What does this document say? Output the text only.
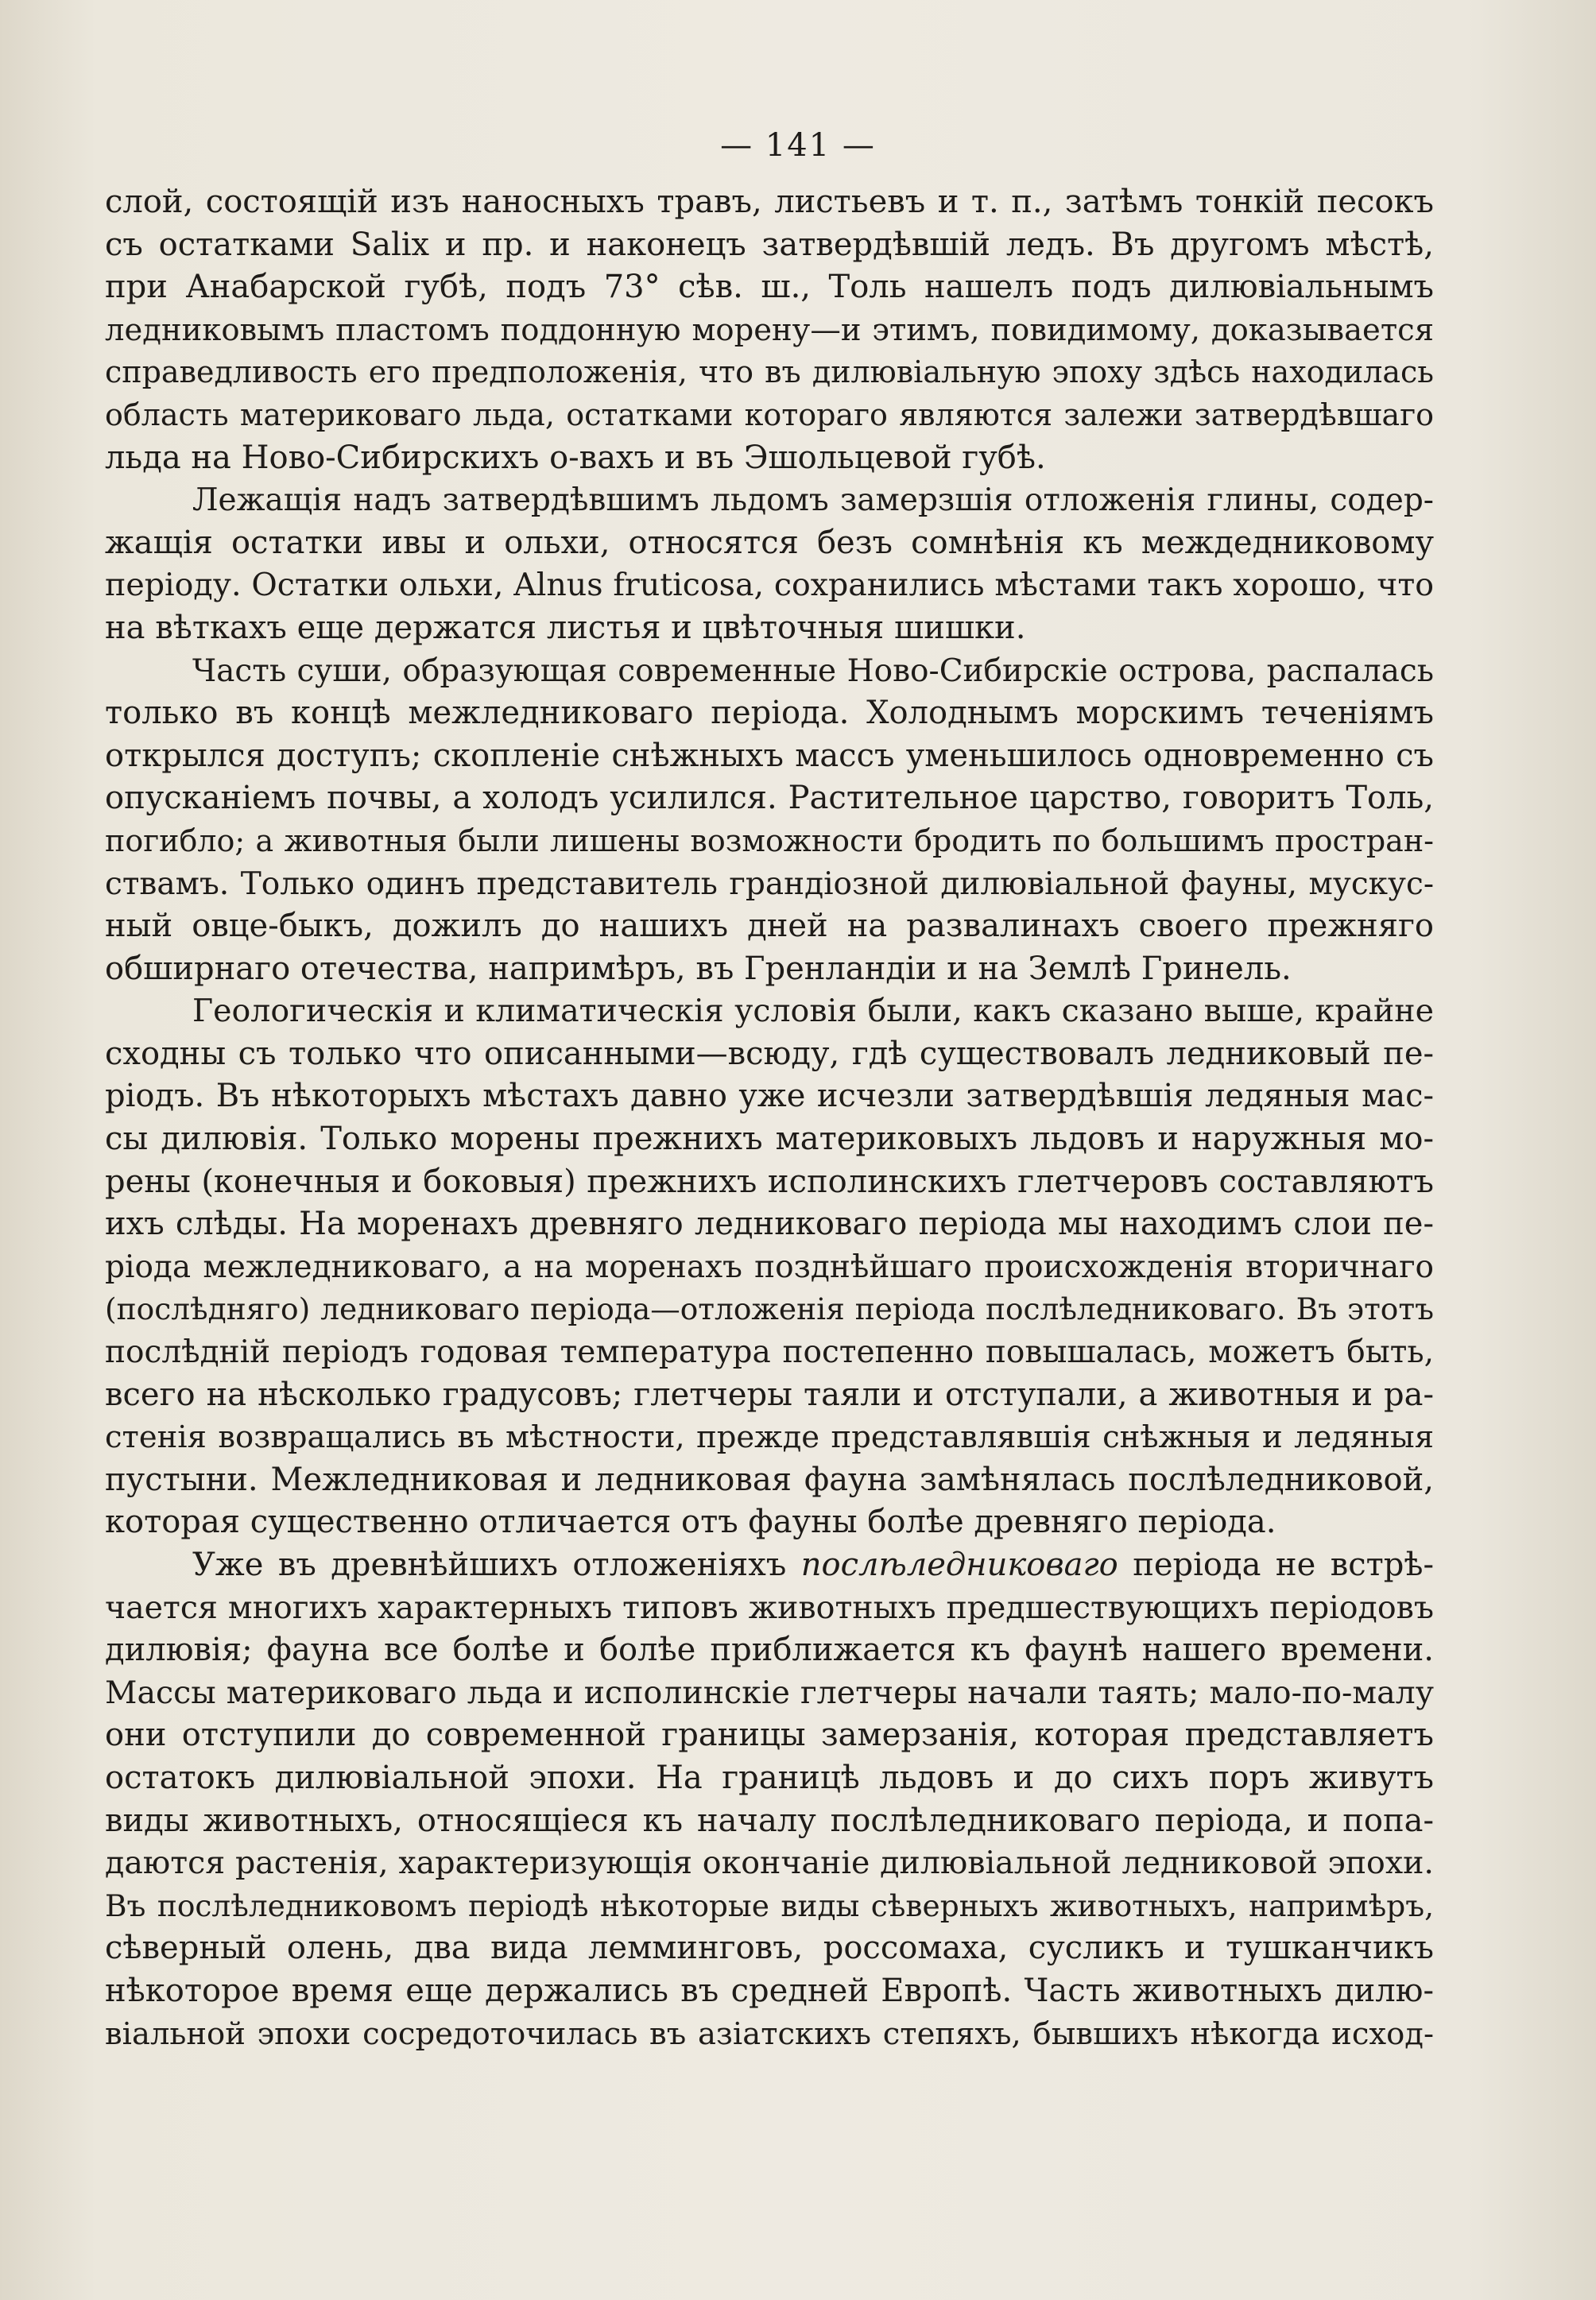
— 141 —
слой, состоящій изъ наносныхъ травъ, листьевъ и т. п., затѣмъ тонкій песокъ
съ остатками Salix и пр. и наконецъ затвердѣвшій ледъ. Въ другомъ мѣстѣ,
при Анабарской губѣ, подъ 73° сѣв. ш., Толь нашелъ подъ дилювіальнымъ
ледниковымъ пластомъ поддонную морену—и этимъ, повидимому, доказывается
справедливость его предположенія, что въ дилювіальную эпоху здѣсь находилась
область материковаго льда, остатками котораго являются залежи затвердѣвшаго
льда на Ново-Сибирскихъ о-вахъ и въ Эшольцевой губѣ.
Лежащія надъ затвердѣвшимъ льдомъ замерзшія отложенія глины, содер-
жащія остатки ивы и ольхи, относятся безъ сомнѣнія къ междедниковому
періоду. Остатки ольхи, Alnus fruticosa, сохранились мѣстами такъ хорошо, что
на вѣткахъ еще держатся листья и цвѣточныя шишки.
Часть суши, образующая современные Ново-Сибирскіе острова, распалась
только въ концѣ межледниковаго періода. Холоднымъ морскимъ теченіямъ
открылся доступъ; скопленіе снѣжныхъ массъ уменьшилось одновременно съ
опусканіемъ почвы, а холодъ усилился. Растительное царство, говоритъ Толь,
погибло; а животныя были лишены возможности бродить по большимъ простран-
ствамъ. Только одинъ представитель грандіозной дилювіальной фауны, мускус-
ный овце-быкъ, дожилъ до нашихъ дней на развалинахъ своего прежняго
обширнаго отечества, напримѣръ, въ Гренландіи и на Землѣ Гринель.
Геологическія и климатическія условія были, какъ сказано выше, крайне
сходны съ только что описанными—всюду, гдѣ существовалъ ледниковый пе-
ріодъ. Въ нѣкоторыхъ мѣстахъ давно уже исчезли затвердѣвшія ледяныя мас-
сы дилювія. Только морены прежнихъ материковыхъ льдовъ и наружныя мо-
рены (конечныя и боковыя) прежнихъ исполинскихъ глетчеровъ составляютъ
ихъ слѣды. На моренахъ древняго ледниковаго періода мы находимъ слои пе-
ріода межледниковаго, а на моренахъ позднѣйшаго происхожденія вторичнаго
(послѣдняго) ледниковаго періода—отложенія періода послѣледниковаго. Въ этотъ
послѣдній періодъ годовая температура постепенно повышалась, можетъ быть,
всего на нѣсколько градусовъ; глетчеры таяли и отступали, а животныя и ра-
стенія возвращались въ мѣстности, прежде представлявшія снѣжныя и ледяныя
пустыни. Межледниковая и ледниковая фауна замѣнялась послѣледниковой,
которая существенно отличается отъ фауны болѣе древняго періода.
Уже въ древнѣйшихъ отложеніяхъ послѣледниковаго періода не встрѣ-
чается многихъ характерныхъ типовъ животныхъ предшествующихъ періодовъ
дилювія; фауна все болѣе и болѣе приближается къ фаунѣ нашего времени.
Массы материковаго льда и исполинскіе глетчеры начали таять; мало-по-малу
они отступили до современной границы замерзанія, которая представляетъ
остатокъ дилювіальной эпохи. На границѣ льдовъ и до сихъ поръ живутъ
виды животныхъ, относящіеся къ началу послѣледниковаго періода, и попа-
даются растенія, характеризующія окончаніе дилювіальной ледниковой эпохи.
Въ послѣледниковомъ періодѣ нѣкоторые виды сѣверныхъ животныхъ, напримѣръ,
сѣверный олень, два вида лемминговъ, россомаха, сусликъ и тушканчикъ
нѣкоторое время еще держались въ средней Европѣ. Часть животныхъ дилю-
віальной эпохи сосредоточилась въ азіатскихъ степяхъ, бывшихъ нѣкогда исход-
